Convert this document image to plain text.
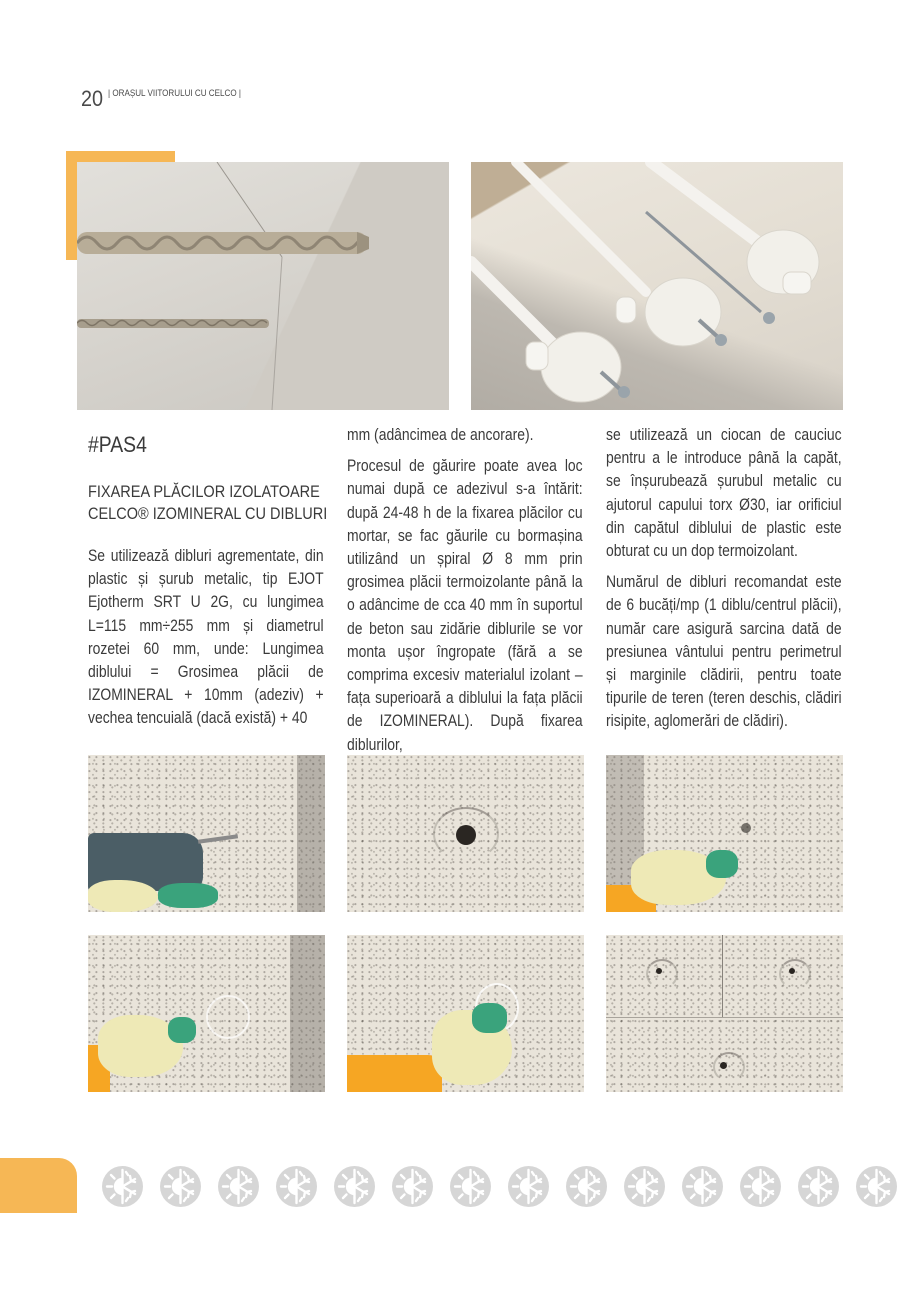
20 | ORAȘUL VIITORULUI CU CELCO |
#PAS4
FIXAREA PLĂCILOR IZOLATOARE
CELCO® IZOMINERAL CU DIBLURI

Se utilizează dibluri agrementate, din plastic și șurub metalic, tip EJOT Ejotherm SRT U 2G, cu lungimea L=115 mm÷255 mm și diametrul rozetei 60 mm, unde: Lungimea diblului = Grosimea plăcii de IZOMINERAL + 10mm (adeziv) + vechea tencuială (dacă există) + 40

mm (adâncimea de ancorare).

Procesul de găurire poate avea loc numai după ce adezivul s-a întărit: după 24-48 h de la fixarea plăcilor cu mortar, se fac găurile cu bormașina utilizând un șpiral Ø 8 mm prin grosimea plăcii termoizolante până la o adâncime de cca 40 mm în suportul de beton sau zidărie diblurile se vor monta ușor îngropate (fără a se comprima excesiv materialul izolant – fața superioară a diblului la fața plăcii de IZOMINERAL). După fixarea diblurilor,

se utilizează un ciocan de cauciuc pentru a le introduce până la capăt, se înșurubează șurubul metalic cu ajutorul capului torx Ø30, iar orificiul din capătul diblului de plastic este obturat cu un dop termoizolant.

Numărul de dibluri recomandat este de 6 bucăți/mp (1 diblu/centrul plăcii), număr care asigură sarcina dată de presiunea vântului pentru perimetrul și marginile clădirii, pentru toate tipurile de teren (teren deschis, clădiri risipite, aglomerări de clădiri).
